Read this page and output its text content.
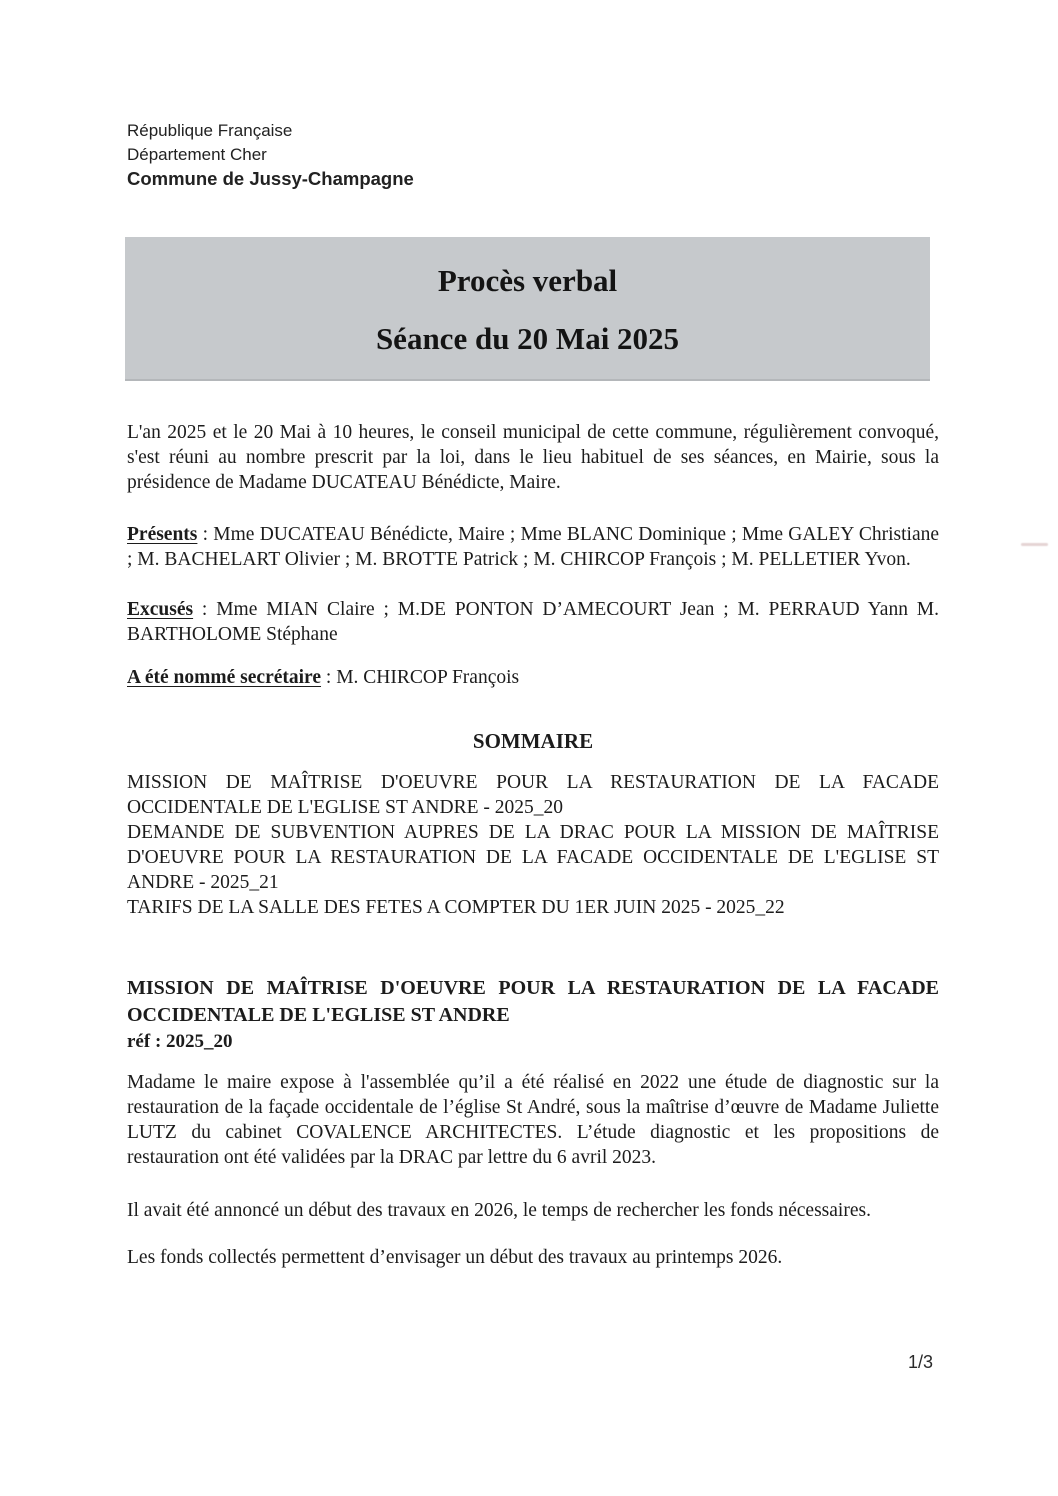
République Française
Département Cher
Commune de Jussy-Champagne
Procès verbal
Séance du 20 Mai 2025

L'an 2025 et le 20 Mai à 10 heures, le conseil municipal de cette commune, régulièrement convoqué, s'est réuni au nombre prescrit par la loi, dans le lieu habituel de ses séances, en Mairie, sous la présidence de Madame DUCATEAU Bénédicte, Maire.

Présents : Mme DUCATEAU Bénédicte, Maire ; Mme BLANC Dominique ; Mme GALEY Christiane ; M. BACHELART Olivier ; M. BROTTE Patrick ; M. CHIRCOP François ; M. PELLETIER Yvon.

Excusés : Mme MIAN Claire ; M.DE PONTON D’AMECOURT Jean ; M. PERRAUD Yann M. BARTHOLOME Stéphane

A été nommé secrétaire : M. CHIRCOP François

SOMMAIRE
MISSION DE MAÎTRISE D'OEUVRE POUR LA RESTAURATION DE LA FACADE OCCIDENTALE DE L'EGLISE ST ANDRE - 2025_20
DEMANDE DE SUBVENTION AUPRES DE LA DRAC POUR LA MISSION DE MAÎTRISE D'OEUVRE POUR LA RESTAURATION DE LA FACADE OCCIDENTALE DE L'EGLISE ST ANDRE - 2025_21
TARIFS DE LA SALLE DES FETES A COMPTER DU 1ER JUIN 2025 - 2025_22
MISSION DE MAÎTRISE D'OEUVRE POUR LA RESTAURATION DE LA FACADE OCCIDENTALE DE L'EGLISE ST ANDRE
réf : 2025_20

Madame le maire expose à l'assemblée qu’il a été réalisé en 2022 une étude de diagnostic sur la restauration de la façade occidentale de l’église St André, sous la maîtrise d’œuvre de Madame Juliette LUTZ du cabinet COVALENCE ARCHITECTES. L’étude diagnostic et les propositions de restauration ont été validées par la DRAC par lettre du 6 avril 2023.

Il avait été annoncé un début des travaux en 2026, le temps de rechercher les fonds nécessaires.

Les fonds collectés permettent d’envisager un début des travaux au printemps 2026.

1/3
